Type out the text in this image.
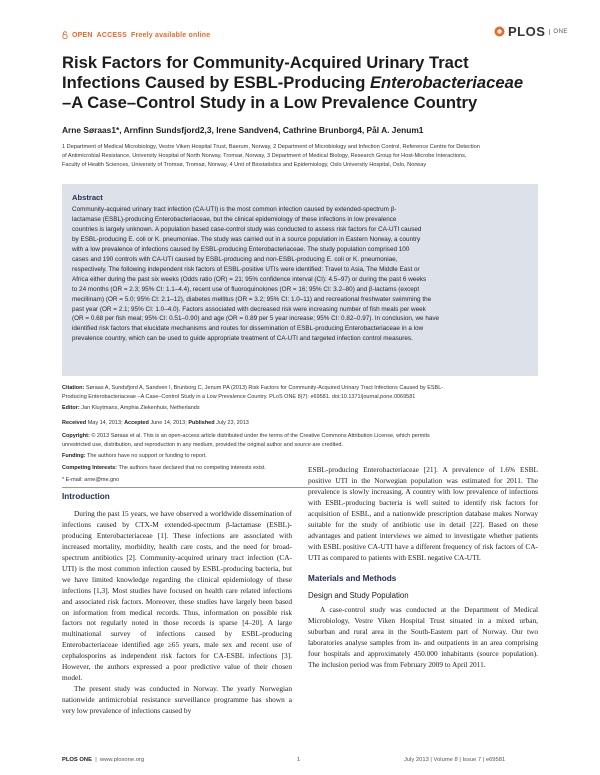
OPEN ACCESS Freely available online	PLOS	ONE
Risk Factors for Community-Acquired Urinary Tract
Infections Caused by ESBL-Producing Enterobacteriaceae
–A Case–Control Study in a Low Prevalence Country
Arne Søraas1*, Arnfinn Sundsfjord2,3, Irene Sandven4, Cathrine Brunborg4, Pål A. Jenum1
1 Department of Medical Microbiology, Vestre Viken Hospital Trust, Baerum, Norway, 2 Department of Microbiology and Infection Control, Reference Centre for Detection
of Antimicrobial Resistance, University Hospital of North Norway, Tromsø, Norway, 3 Department of Medical Biology, Research Group for Host-Microbe Interactions,
Faculty of Health Sciences, University of Tromsø, Tromsø, Norway, 4 Unit of Biostatistics and Epidemiology, Oslo University Hospital, Oslo, Norway
Abstract
Community-acquired urinary tract infection (CA-UTI) is the most common infection caused by extended-spectrum β-
lactamase (ESBL)-producing Enterobacteriaceae, but the clinical epidemiology of these infections in low prevalence
countries is largely unknown. A population based case-control study was conducted to assess risk factors for CA-UTI caused
by ESBL-producing E. coli or K. pneumoniae. The study was carried out in a source population in Eastern Norway, a country
with a low prevalence of infections caused by ESBL-producing Enterobacteriaceae. The study population comprised 100
cases and 190 controls with CA-UTI caused by ESBL-producing and non-ESBL-producing E. coli or K. pneumoniae,
respectively. The following independent risk factors of ESBL-positive UTIs were identified: Travel to Asia, The Middle East or
Africa either during the past six weeks (Odds ratio (OR) = 21; 95% confidence interval (CI): 4.5–97) or during the past 6 weeks
to 24 months (OR = 2.3; 95% CI: 1.1–4.4), recent use of fluoroquinolones (OR = 16; 95% CI: 3.2–80) and β-lactams (except
mecillinam) (OR = 5.0; 95% CI: 2.1–12), diabetes mellitus (OR = 3.2; 95% CI: 1.0–11) and recreational freshwater swimming the
past year (OR = 2.1; 95% CI: 1.0–4.0). Factors associated with decreased risk were increasing number of fish meals per week
(OR = 0.68 per fish meal; 95% CI: 0.51–0.90) and age (OR = 0.89 per 5 year increase; 95% CI: 0.82–0.97). In conclusion, we have
identified risk factors that elucidate mechanisms and routes for dissemination of ESBL-producing Enterobacteriaceae in a low
prevalence country, which can be used to guide appropriate treatment of CA-UTI and targeted infection control measures.
Citation: Søraas A, Sundsfjord A, Sandven I, Brunborg C, Jenum PA (2013) Risk Factors for Community-Acquired Urinary Tract Infections Caused by ESBL-
Producing Enterobacteriaceae –A Case–Control Study in a Low Prevalence Country. PLoS ONE 8(7): e69581. doi:10.1371/journal.pone.0069581
Editor: Jan Kluytmans, Amphia Ziekenhuis, Netherlands
Received May 14, 2013; Accepted June 14, 2013; Published July 23, 2013
Copyright: © 2013 Søraas et al. This is an open-access article distributed under the terms of the Creative Commons Attribution License, which permits
unrestricted use, distribution, and reproduction in any medium, provided the original author and source are credited.
Funding: The authors have no support or funding to report.
Competing Interests: The authors have declared that no competing interests exist.
* E-mail: arne@me.gno

Introduction

During the past 15 years, we have observed a worldwide dissemination of infections caused by CTX-M extended-spectrum β-lactamase (ESBL)-producing Enterobacteriaceae [1]. These infections are associated with increased mortality, morbidity, health care costs, and the need for broad-spectrum antibiotics [2]. Community-acquired urinary tract infection (CA-UTI) is the most common infection caused by ESBL-producing bacteria, but we have limited knowledge regarding the clinical epidemiology of these infections [1,3]. Most studies have focused on health care related infections and associated risk factors. Moreover, these studies have largely been based on information from medical records. Thus, information on possible risk factors not regularly noted in those records is sparse [4–20]. A large multinational survey of infections caused by ESBL-producing Enterobacteriaceae identified age ≥65 years, male sex and recent use of cephalosporins as independent risk factors for CA-ESBL infections [3]. However, the authors expressed a poor predictive value of their chosen model.

The present study was conducted in Norway. The yearly Norwegian nationwide antimicrobial resistance surveillance programme has shown a very low prevalence of infections caused by

ESBL-producing Enterobacteriaceae [21]. A prevalence of 1.6% ESBL positive UTI in the Norwegian population was estimated for 2011. The prevalence is slowly increasing. A country with low prevalence of infections with ESBL-producing bacteria is well suited to identify risk factors for acquisition of ESBL, and a nationwide prescription database makes Norway suitable for the study of antibiotic use in detail [22]. Based on these advantages and patient interviews we aimed to investigate whether patients with ESBL positive CA-UTI have a different frequency of risk factors of CA-UTI as compared to patients with ESBL negative CA-UTI.

Materials and Methods

Design and Study Population

A case-control study was conducted at the Department of Medical Microbiology, Vestre Viken Hospital Trust situated in a mixed urban, suburban and rural area in the South-Eastern part of Norway. Our two laboratories analyse samples from in- and outpatients in an area comprising four hospitals and approximately 450.000 inhabitants (source population). The inclusion period was from February 2009 to April 2011.

PLOS ONE  |  www.plosone.org	1	July 2013 | Volume 8 | Issue 7 | e69581
